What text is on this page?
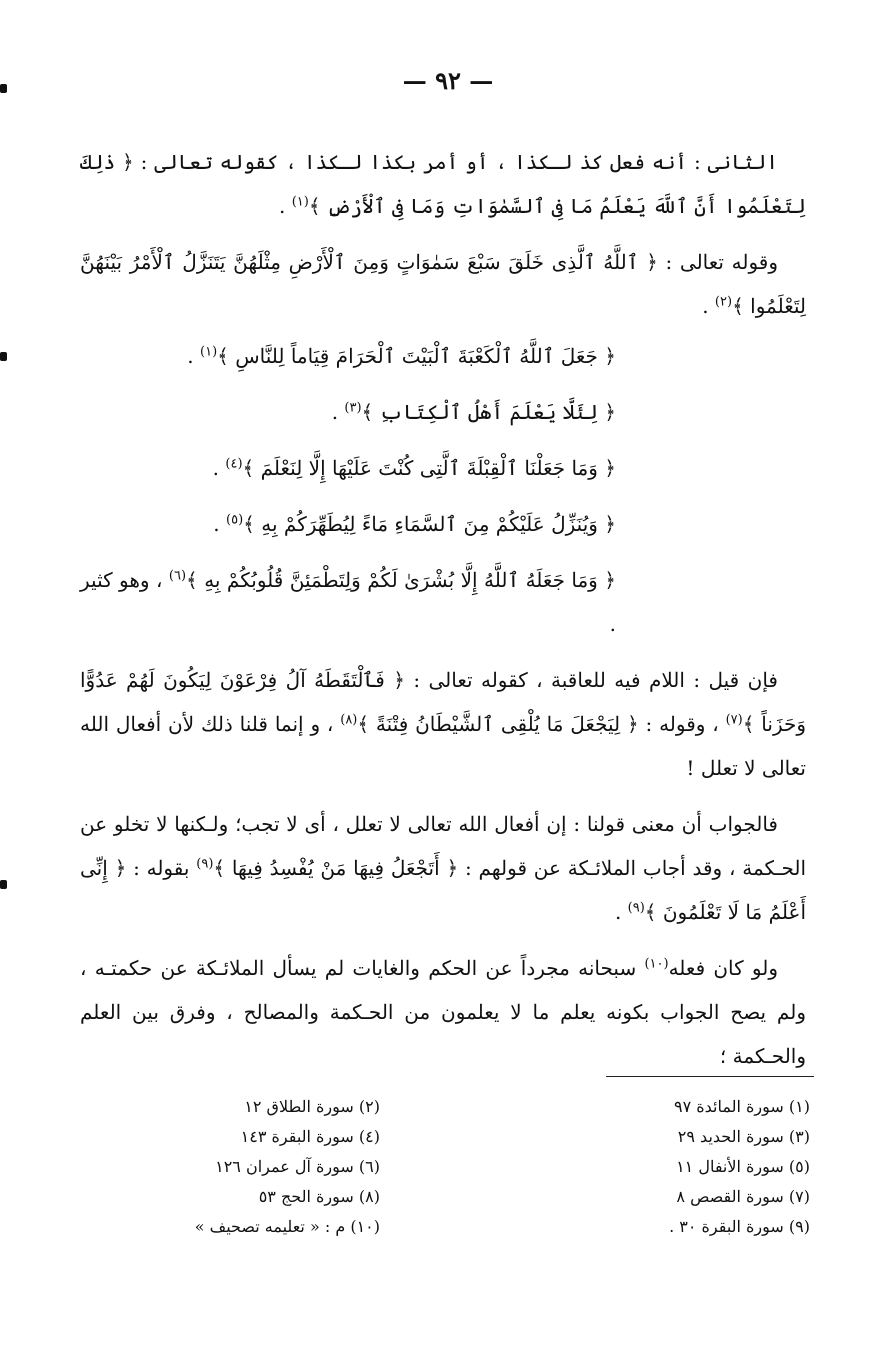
— ٩٢ —

الثانى : أنه فعل كذ لـكذا ، أو أمر بكذا لـكذا ، كقوله تعالى : ﴿ ذٰلِكَ لِتَعْلَمُوا أَنَّ ٱللَّهَ يَعْلَمُ مَا فِى ٱلسَّمٰوَاتِ وَمَا فِى ٱلْأَرْضِ ﴾$^{(١)}$ .

وقوله تعالى : ﴿ ٱللَّهُ ٱلَّذِى خَلَقَ سَبْعَ سَمٰوَاتٍ وَمِنَ ٱلْأَرْضِ مِثْلَهُنَّ يَتَنَزَّلُ ٱلْأَمْرُ بَيْنَهُنَّ لِتَعْلَمُوا ﴾$^{(٢)}$ .

﴿ جَعَلَ ٱللَّهُ ٱلْكَعْبَةَ ٱلْبَيْتَ ٱلْحَرَامَ قِيَاماً لِلنَّاسِ ﴾$^{(١)}$ .

﴿ لِئَلَّا يَعْلَمَ أَهْلُ ٱلْكِتَابِ ﴾$^{(٣)}$ .

﴿ وَمَا جَعَلْنَا ٱلْقِبْلَةَ ٱلَّتِى كُنْتَ عَلَيْهَا إِلَّا لِنَعْلَمَ ﴾$^{(٤)}$ .

﴿ وَيُنَزِّلُ عَلَيْكُمْ مِنَ ٱلسَّمَاءِ مَاءً لِيُطَهِّرَكُمْ بِهِ ﴾$^{(٥)}$ .

﴿ وَمَا جَعَلَهُ ٱللَّهُ إِلَّا بُشْرَىٰ لَكُمْ وَلِتَطْمَئِنَّ قُلُوبُكُمْ بِهِ ﴾$^{(٦)}$ ، وهو كثير .

فإن قيل : اللام فيه للعاقبة ، كقوله تعالى : ﴿ فَٱلْتَقَطَهُ آلُ فِرْعَوْنَ لِيَكُونَ لَهُمْ عَدُوًّا وَحَزَناً ﴾$^{(٧)}$ ، وقوله : ﴿ لِيَجْعَلَ مَا يُلْقِى ٱلشَّيْطَانُ فِتْنَةً ﴾$^{(٨)}$ ، و إنما قلنا ذلك لأن أفعال الله تعالى لا تعلل !

فالجواب أن معنى قولنا : إن أفعال الله تعالى لا تعلل ، أى لا تجب؛ ولـكنها لا تخلو عن الحـكمة ، وقد أجاب الملائـكة عن قولهم : ﴿ أَتَجْعَلُ فِيهَا مَنْ يُفْسِدُ فِيهَا ﴾$^{(٩)}$ بقوله : ﴿ إِنِّى أَعْلَمُ مَا لَا تَعْلَمُونَ ﴾$^{(٩)}$ .

ولو كان فعله$^{(١٠)}$ سبحانه مجرداً عن الحكم والغايات لم يسأل الملائـكة عن حكمتـه ، ولم يصح الجواب بكونه يعلم ما لا يعلمون من الحـكمة والمصالح ، وفرق بين العلم والحـكمة ؛

(١) سورة المائدة ٩٧
(٣) سورة الحديد ٢٩
(٥) سورة الأنفال ١١
(٧) سورة القصص ٨
(٩) سورة البقرة ٣٠ .
(٢) سورة الطلاق ١٢
(٤) سورة البقرة ١٤٣
(٦) سورة آل عمران ١٢٦
(٨) سورة الحج ٥٣
(١٠) م : « تعليمه تصحيف »
